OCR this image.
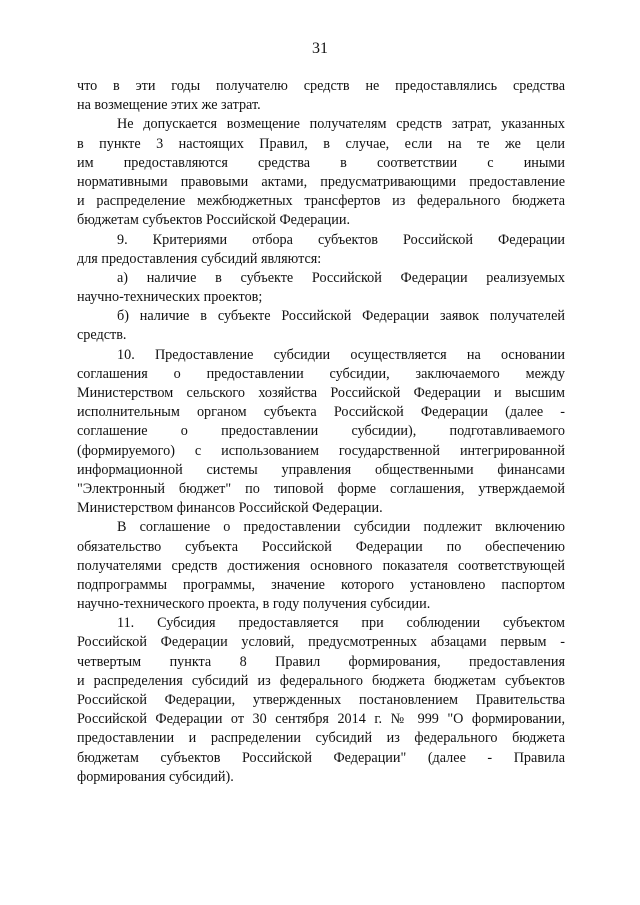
31
что в эти годы получателю средств не предоставлялись средства
на возмещение этих же затрат.
Не допускается возмещение получателям средств затрат, указанных
в пункте 3 настоящих Правил, в случае, если на те же цели
им предоставляются средства в соответствии с иными
нормативными правовыми актами, предусматривающими предоставление
и распределение межбюджетных трансфертов из федерального бюджета
бюджетам субъектов Российской Федерации.
9. Критериями отбора субъектов Российской Федерации
для предоставления субсидий являются:
а) наличие в субъекте Российской Федерации реализуемых
научно-технических проектов;
б) наличие в субъекте Российской Федерации заявок получателей
средств.
10. Предоставление субсидии осуществляется на основании
соглашения о предоставлении субсидии, заключаемого между
Министерством сельского хозяйства Российской Федерации и высшим
исполнительным органом субъекта Российской Федерации (далее -
соглашение о предоставлении субсидии), подготавливаемого
(формируемого) с использованием государственной интегрированной
информационной системы управления общественными финансами
"Электронный бюджет" по типовой форме соглашения, утверждаемой
Министерством финансов Российской Федерации.
В соглашение о предоставлении субсидии подлежит включению
обязательство субъекта Российской Федерации по обеспечению
получателями средств достижения основного показателя соответствующей
подпрограммы программы, значение которого установлено паспортом
научно-технического проекта, в году получения субсидии.
11. Субсидия предоставляется при соблюдении субъектом
Российской Федерации условий, предусмотренных абзацами первым -
четвертым пункта 8 Правил формирования, предоставления
и распределения субсидий из федерального бюджета бюджетам субъектов
Российской Федерации, утвержденных постановлением Правительства
Российской Федерации от 30 сентября 2014 г. № 999 "О формировании,
предоставлении и распределении субсидий из федерального бюджета
бюджетам субъектов Российской Федерации" (далее - Правила
формирования субсидий).
